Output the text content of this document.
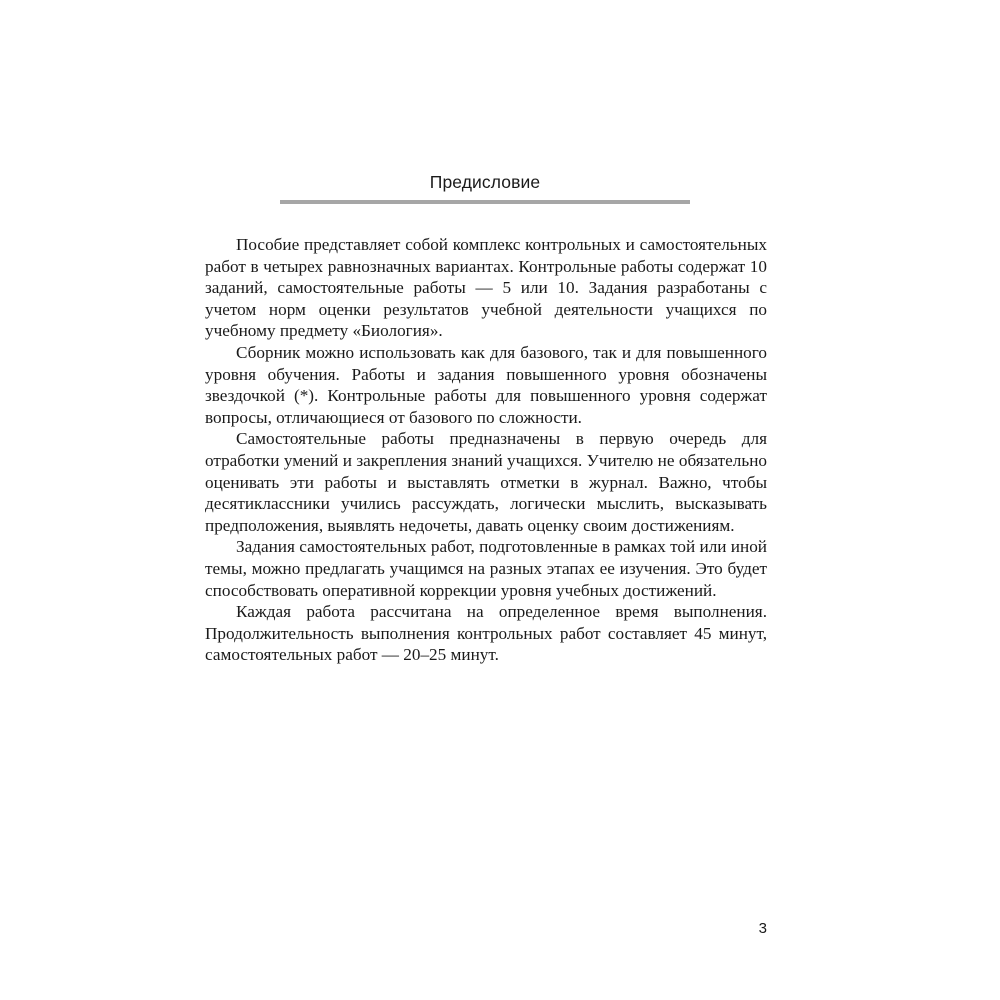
Предисловие

Пособие представляет собой комплекс контрольных и самостоятельных работ в четырех равнозначных вариантах. Контрольные работы содержат 10 заданий, самостоятельные работы — 5 или 10. Задания разработаны с учетом норм оценки результатов учебной деятельности учащихся по учебному предмету «Биология».

Сборник можно использовать как для базового, так и для повышенного уровня обучения. Работы и задания повышенного уровня обозначены звездочкой (*). Контрольные работы для повышенного уровня содержат вопросы, отличающиеся от базового по сложности.

Самостоятельные работы предназначены в первую очередь для отработки умений и закрепления знаний учащихся. Учителю не обязательно оценивать эти работы и выставлять отметки в журнал. Важно, чтобы десятиклассники учились рассуждать, логически мыслить, высказывать предположения, выявлять недочеты, давать оценку своим достижениям.

Задания самостоятельных работ, подготовленные в рамках той или иной темы, можно предлагать учащимся на разных этапах ее изучения. Это будет способствовать оперативной коррекции уровня учебных достижений.

Каждая работа рассчитана на определенное время выполнения. Продолжительность выполнения контрольных работ составляет 45 минут, самостоятельных работ — 20–25 минут.

3
